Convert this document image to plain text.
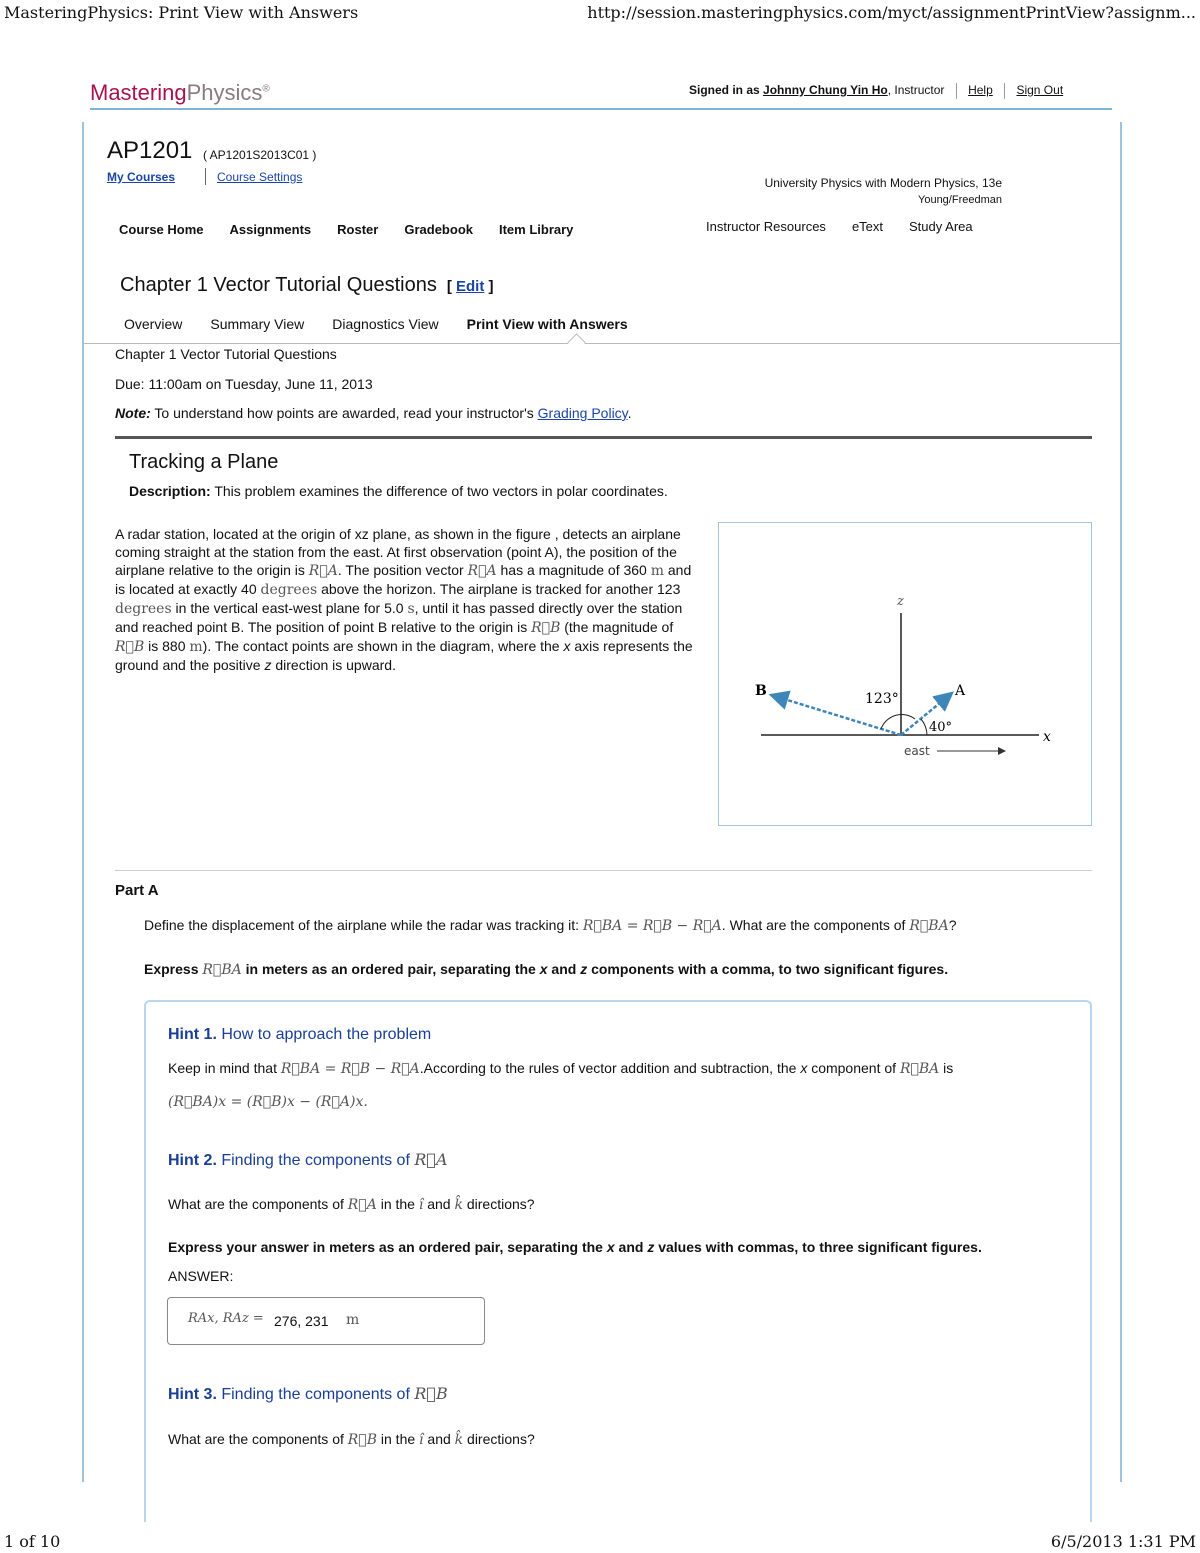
MasteringPhysics: Print View with Answers	http://session.masteringphysics.com/myct/assignmentPrintView?assignm...
1 of 10	6/5/2013 1:31 PM
MasteringPhysics®	Signed in as Johnny Chung Yin Ho, Instructor Help Sign Out
AP1201 ( AP1201S2013C01 )
My Courses	Course Settings	University Physics with Modern Physics, 13e
Young/Freedman
Course Home Assignments Roster Gradebook Item Library	Instructor Resources eText Study Area
Chapter 1 Vector Tutorial Questions [ Edit ]
Overview Summary View Diagnostics View Print View with Answers
Chapter 1 Vector Tutorial Questions
Due: 11:00am on Tuesday, June 11, 2013
Note: To understand how points are awarded, read your instructor's Grading Policy.
Tracking a Plane
Description: This problem examines the difference of two vectors in polar coordinates.
A radar station, located at the origin of xz plane, as shown in the figure , detects an airplane coming straight at the station from the east. At first observation (point A), the position of the airplane relative to the origin is R⃗A. The position vector R⃗A has a magnitude of 360 m and is located at exactly 40 degrees above the horizon. The airplane is tracked for another 123 degrees in the vertical east-west plane for 5.0 s, until it has passed directly over the station and reached point B. The position of point B relative to the origin is R⃗B (the magnitude of R⃗B is 880 m). The contact points are shown in the diagram, where the x axis represents the ground and the positive z direction is upward.
z
x
B	A
123°
40°
east
Part A
Define the displacement of the airplane while the radar was tracking it: R⃗BA = R⃗B − R⃗A. What are the components of R⃗BA?
Express R⃗BA in meters as an ordered pair, separating the x and z components with a comma, to two significant figures.
Hint 1. How to approach the problem
Keep in mind that R⃗BA = R⃗B − R⃗A.According to the rules of vector addition and subtraction, the x component of R⃗BA is
(R⃗BA)x = (R⃗B)x − (R⃗A)x.
Hint 2. Finding the components of R⃗A
What are the components of R⃗A in the î and k̂ directions?
Express your answer in meters as an ordered pair, separating the x and z values with commas, to three significant figures.
ANSWER:
RAx, RAz = 276, 231 m
Hint 3. Finding the components of R⃗B
What are the components of R⃗B in the î and k̂ directions?
